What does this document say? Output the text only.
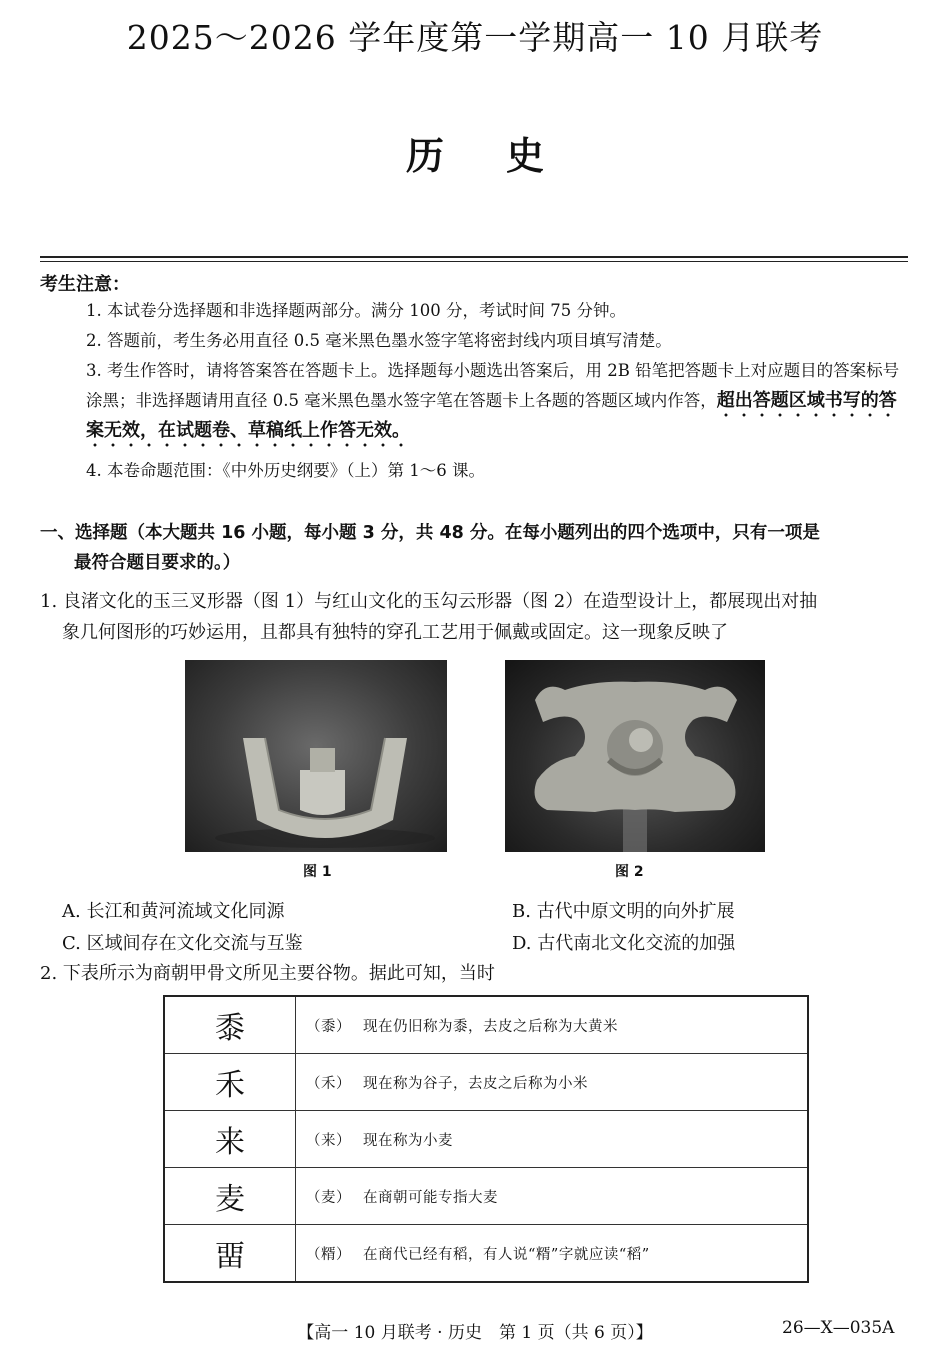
2025～2026 学年度第一学期高一 10 月联考
历史
考生注意：
1. 本试卷分选择题和非选择题两部分。满分 100 分，考试时间 75 分钟。
2. 答题前，考生务必用直径 0.5 毫米黑色墨水签字笔将密封线内项目填写清楚。
3. 考生作答时，请将答案答在答题卡上。选择题每小题选出答案后，用 2B 铅笔把答题卡上对应题目的答案标号涂黑；非选择题请用直径 0.5 毫米黑色墨水签字笔在答题卡上各题的答题区域内作答，超出答题区域书写的答案无效，在试题卷、草稿纸上作答无效。
4. 本卷命题范围：《中外历史纲要》（上）第 1～6 课。
一、选择题（本大题共 16 小题，每小题 3 分，共 48 分。在每小题列出的四个选项中，只有一项是
最符合题目要求的。）
1. 良渚文化的玉三叉形器（图 1）与红山文化的玉勾云形器（图 2）在造型设计上，都展现出对抽
象几何图形的巧妙运用，且都具有独特的穿孔工艺用于佩戴或固定。这一现象反映了
图 1	图 2
A. 长江和黄河流域文化同源	B. 古代中原文明的向外扩展
C. 区域间存在文化交流与互鉴	D. 古代南北文化交流的加强
2. 下表所示为商朝甲骨文所见主要谷物。据此可知，当时
黍	（黍） 现在仍旧称为黍，去皮之后称为大黄米
禾	（禾） 现在称为谷子，去皮之后称为小米
来	（来） 现在称为小麦
麦	（麦） 在商朝可能专指大麦
畱	（糈） 在商代已经有稻，有人说“糈”字就应读“稻”
【高一 10 月联考 · 历史　第 1 页（共 6 页）】	26—X—035A
